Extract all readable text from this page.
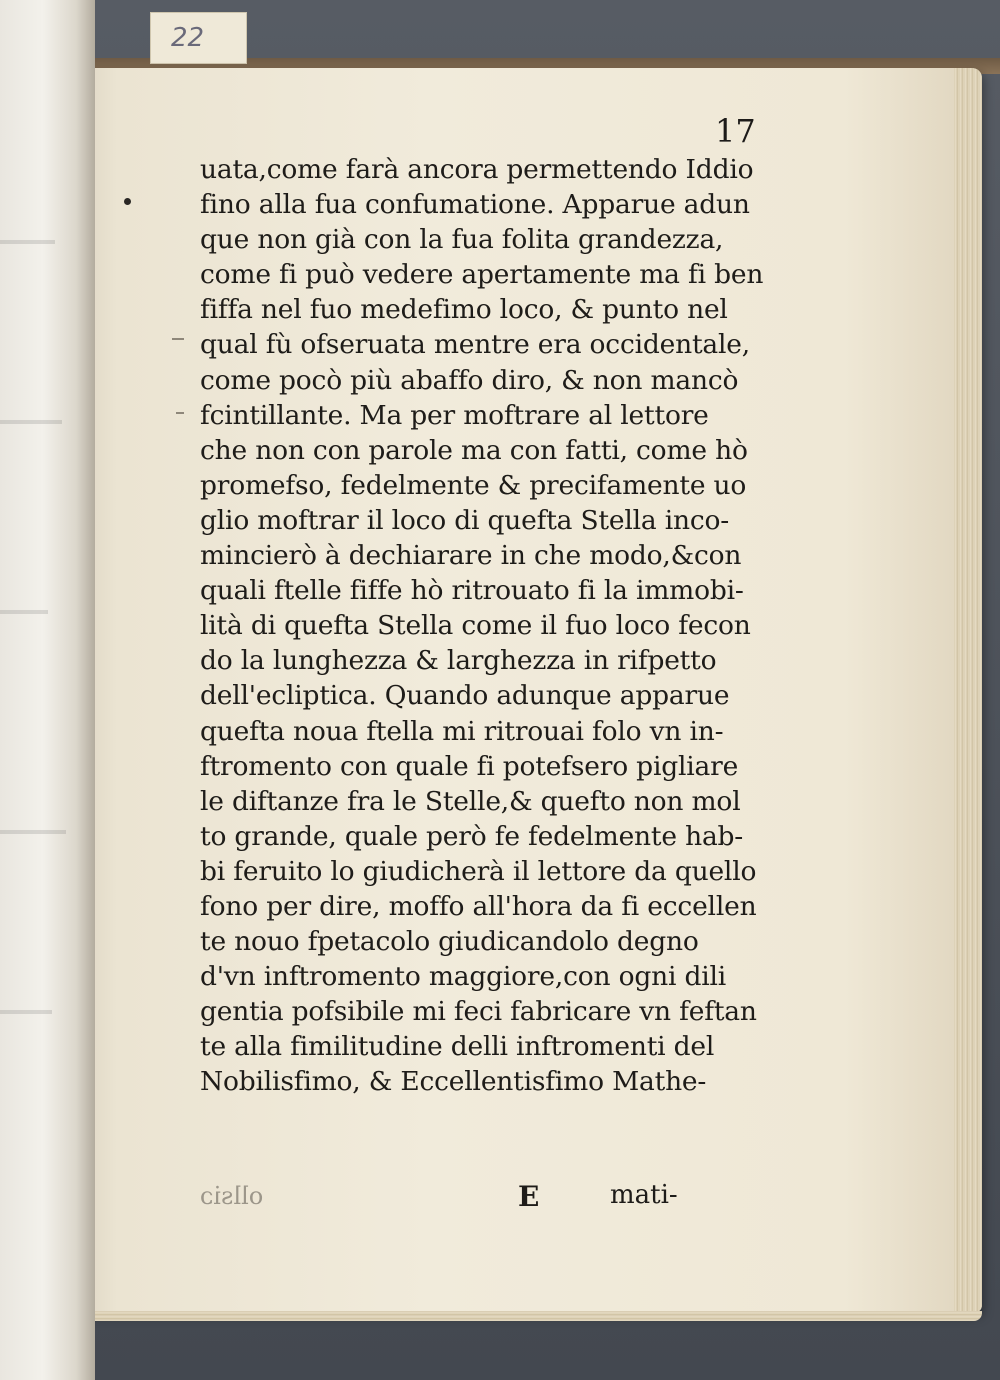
22
17
uata,come farà ancora permettendo Iddio
fino alla fua confumatione. Apparue adun
que non già con la fua folita grandezza,
come fi può vedere apertamente ma fi ben
fiffa nel fuo medefimo loco, & punto nel
qual fù ofseruata mentre era occidentale,
come pocò più abaffo diro, & non mancò
fcintillante. Ma per moftrare al lettore
che non con parole ma con fatti, come hò
promefso, fedelmente & precifamente uo
glio moftrar il loco di quefta Stella inco-
mincierò à dechiarare in che modo,&con
quali ftelle fiffe hò ritrouato fi la immobi-
lità di quefta Stella come il fuo loco fecon
do la lunghezza & larghezza in rifpetto
dell'ecliptica. Quando adunque apparue
quefta noua ftella mi ritrouai folo vn in-
ftromento con quale fi potefsero pigliare
le diftanze fra le Stelle,& quefto non mol
to grande, quale però fe fedelmente hab-
bi feruito lo giudicherà il lettore da quello
fono per dire, moffo all'hora da fi eccellen
te nouo fpetacolo giudicandolo degno
d'vn inftromento maggiore,con ogni dili
gentia pofsibile mi feci fabricare vn feftan
te alla fimilitudine delli inftromenti del
Nobilisfimo, & Eccellentisfimo Mathe-
ollsiɔ	E	mati-
